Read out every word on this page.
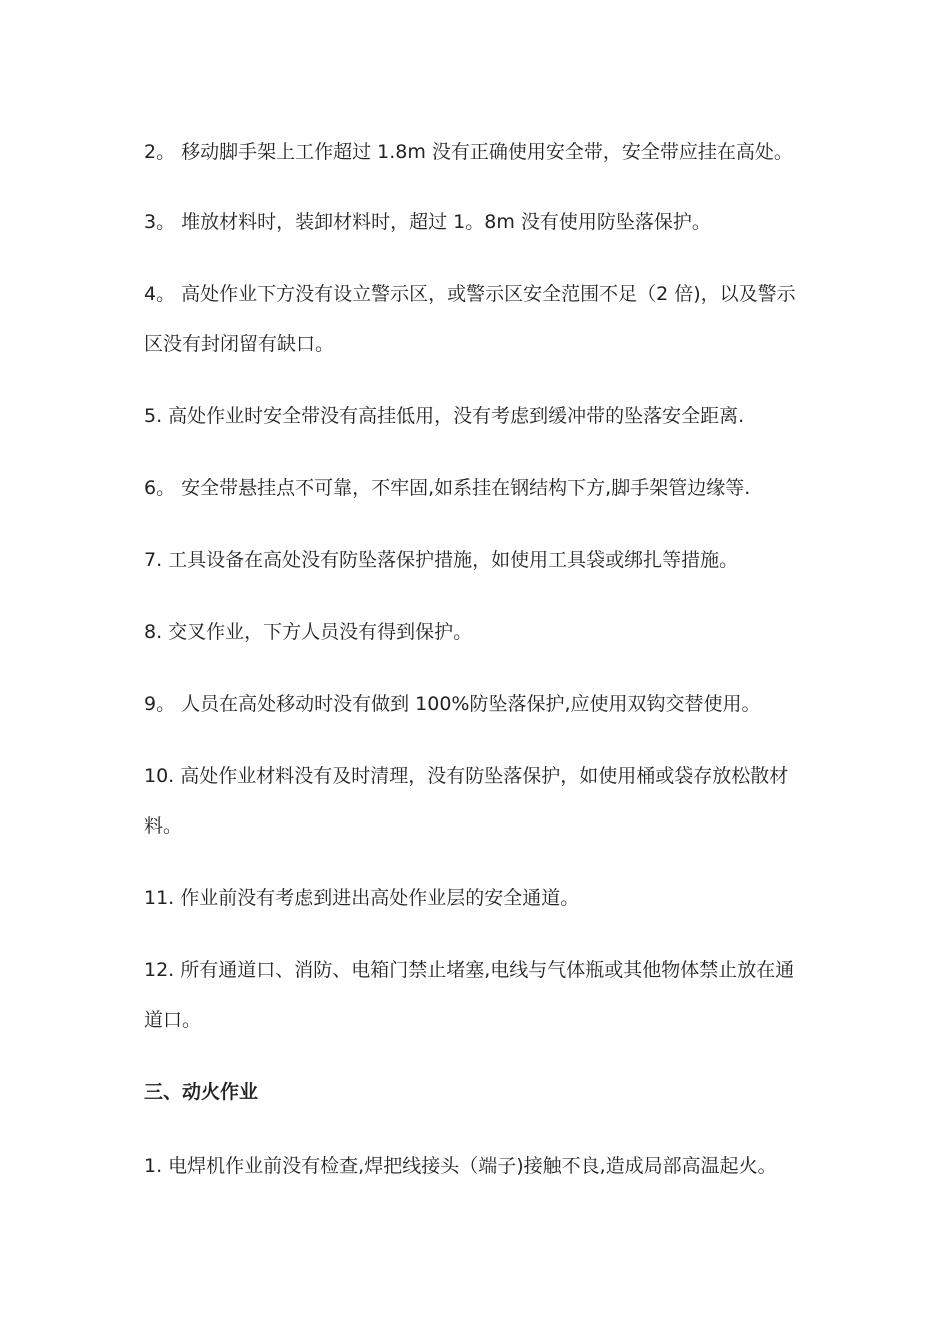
2。 移动脚手架上工作超过 1.8m 没有正确使用安全带，安全带应挂在高处。
3。 堆放材料时，装卸材料时，超过 1。8m 没有使用防坠落保护。
4。 高处作业下方没有设立警示区，或警示区安全范围不足（2 倍)，以及警示
区没有封闭留有缺口。
5. 高处作业时安全带没有高挂低用，没有考虑到缓冲带的坠落安全距离.
6。 安全带悬挂点不可靠，不牢固,如系挂在钢结构下方,脚手架管边缘等.
7. 工具设备在高处没有防坠落保护措施，如使用工具袋或绑扎等措施。
8. 交叉作业，下方人员没有得到保护。
9。 人员在高处移动时没有做到 100%防坠落保护,应使用双钩交替使用。
10. 高处作业材料没有及时清理，没有防坠落保护，如使用桶或袋存放松散材
料。
11. 作业前没有考虑到进出高处作业层的安全通道。
12. 所有通道口、消防、电箱门禁止堵塞,电线与气体瓶或其他物体禁止放在通
道口。
三、动火作业
1. 电焊机作业前没有检查,焊把线接头（端子)接触不良,造成局部高温起火。
